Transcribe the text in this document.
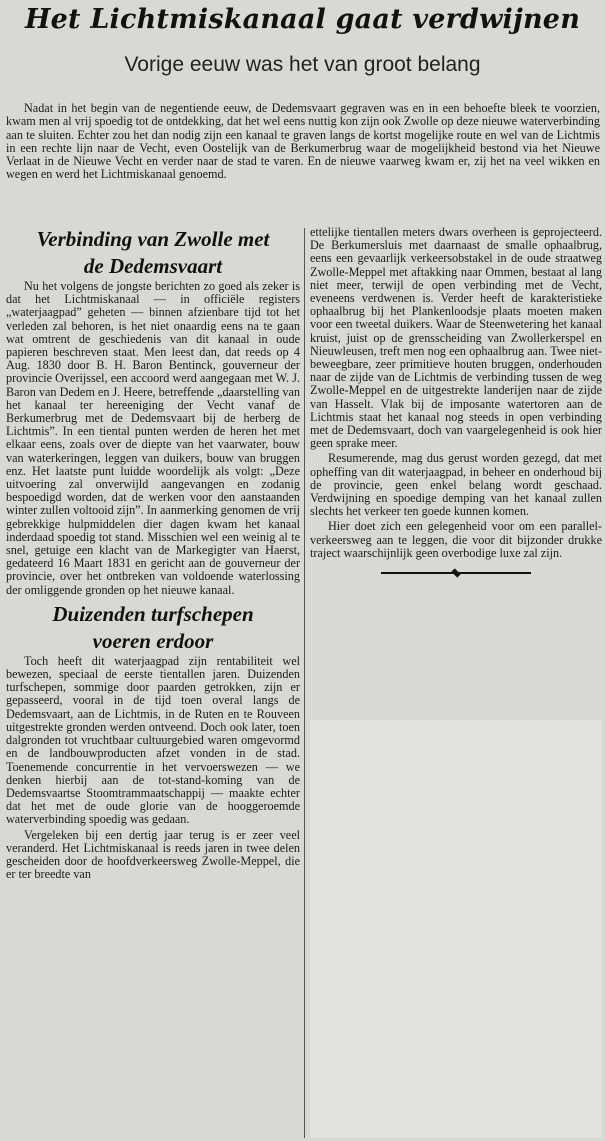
Het Lichtmiskanaal gaat verdwijnen
Vorige eeuw was het van groot belang

Nadat in het begin van de negentiende eeuw, de Dedemsvaart gegraven was en in een behoefte bleek te voorzien, kwam men al vrij spoedig tot de ontdekking, dat het wel eens nuttig kon zijn ook Zwolle op deze nieuwe waterverbinding aan te sluiten. Echter zou het dan nodig zijn een kanaal te graven langs de kortst mogelijke route en wel van de Lichtmis in een rechte lijn naar de Vecht, even Oostelijk van de Berkumerbrug waar de mogelijkheid bestond via het Nieuwe Verlaat in de Nieuwe Vecht en verder naar de stad te varen. En de nieuwe vaarweg kwam er, zij het na veel wikken en wegen en werd het Lichtmiskanaal genoemd.

Verbinding van Zwolle met
de Dedemsvaart

Nu het volgens de jongste berichten zo goed als zeker is dat het Lichtmiskanaal — in officiële registers „waterjaagpad” geheten — binnen afzienbare tijd tot het verleden zal behoren, is het niet onaardig eens na te gaan wat omtrent de geschiedenis van dit kanaal in oude papieren beschreven staat. Men leest dan, dat reeds op 4 Aug. 1830 door B. H. Baron Bentinck, gouverneur der provincie Overijssel, een accoord werd aangegaan met W. J. Baron van Dedem en J. Heere, betreffende „daarstelling van het kanaal ter hereeniging der Vecht vanaf de Berkumerbrug met de Dedemsvaart bij de herberg de Lichtmis”. In een tiental punten werden de heren het met elkaar eens, zoals over de diepte van het vaarwater, bouw van waterkeringen, leggen van duikers, bouw van bruggen enz. Het laatste punt luidde woordelijk als volgt: „Deze uitvoering zal onverwijld aangevangen en zodanig bespoedigd worden, dat de werken voor den aanstaanden winter zullen voltooid zijn”. In aanmerking genomen de vrij gebrekkige hulpmiddelen dier dagen kwam het kanaal inderdaad spoedig tot stand. Misschien wel een weinig al te snel, getuige een klacht van de Markegigter van Haerst, gedateerd 16 Maart 1831 en gericht aan de gouverneur der provincie, over het ontbreken van voldoende waterlossing der omliggende gronden op het nieuwe kanaal.

Duizenden turfschepen
voeren erdoor

Toch heeft dit waterjaagpad zijn rentabiliteit wel bewezen, speciaal de eerste tientallen jaren. Duizenden turfschepen, sommige door paarden getrokken, zijn er gepasseerd, vooral in de tijd toen overal langs de Dedemsvaart, aan de Lichtmis, in de Ruten en te Rouveen uitgestrekte gronden werden ontveend. Doch ook later, toen dalgronden tot vruchtbaar cultuurgebied waren omgevormd en de landbouwproducten afzet vonden in de stad. Toenemende concurrentie in het vervoerswezen — we denken hierbij aan de tot-stand-koming van de Dedemsvaartse Stoomtrammaatschappij — maakte echter dat het met de oude glorie van de hooggeroemde waterverbinding spoedig was gedaan.

Vergeleken bij een dertig jaar terug is er zeer veel veranderd. Het Lichtmiskanaal is reeds jaren in twee delen gescheiden door de hoofdverkeersweg Zwolle-Meppel, die er ter breedte van

ettelijke tientallen meters dwars overheen is geprojecteerd. De Berkumersluis met daarnaast de smalle ophaalbrug, eens een gevaarlijk verkeersobstakel in de oude straatweg Zwolle-Meppel met aftakking naar Ommen, bestaat al lang niet meer, terwijl de open verbinding met de Vecht, eveneens verdwenen is. Verder heeft de karakteristieke ophaalbrug bij het Plankenloodsje plaats moeten maken voor een tweetal duikers. Waar de Steenwetering het kanaal kruist, juist op de grensscheiding van Zwollerkerspel en Nieuwleusen, treft men nog een ophaalbrug aan. Twee niet-beweegbare, zeer primitieve houten bruggen, onderhouden naar de zijde van de Lichtmis de verbinding tussen de weg Zwolle-Meppel en de uitgestrekte landerijen naar de zijde van Hasselt. Vlak bij de imposante watertoren aan de Lichtmis staat het kanaal nog steeds in open verbinding met de Dedemsvaart, doch van vaargelegenheid is ook hier geen sprake meer.

Resumerende, mag dus gerust worden gezegd, dat met opheffing van dit waterjaagpad, in beheer en onderhoud bij de provincie, geen enkel belang wordt geschaad. Verdwijning en spoedige demping van het kanaal zullen slechts het verkeer ten goede kunnen komen.

Hier doet zich een gelegenheid voor om een parallel-verkeersweg aan te leggen, die voor dit bijzonder drukke traject waarschijnlijk geen overbodige luxe zal zijn.
